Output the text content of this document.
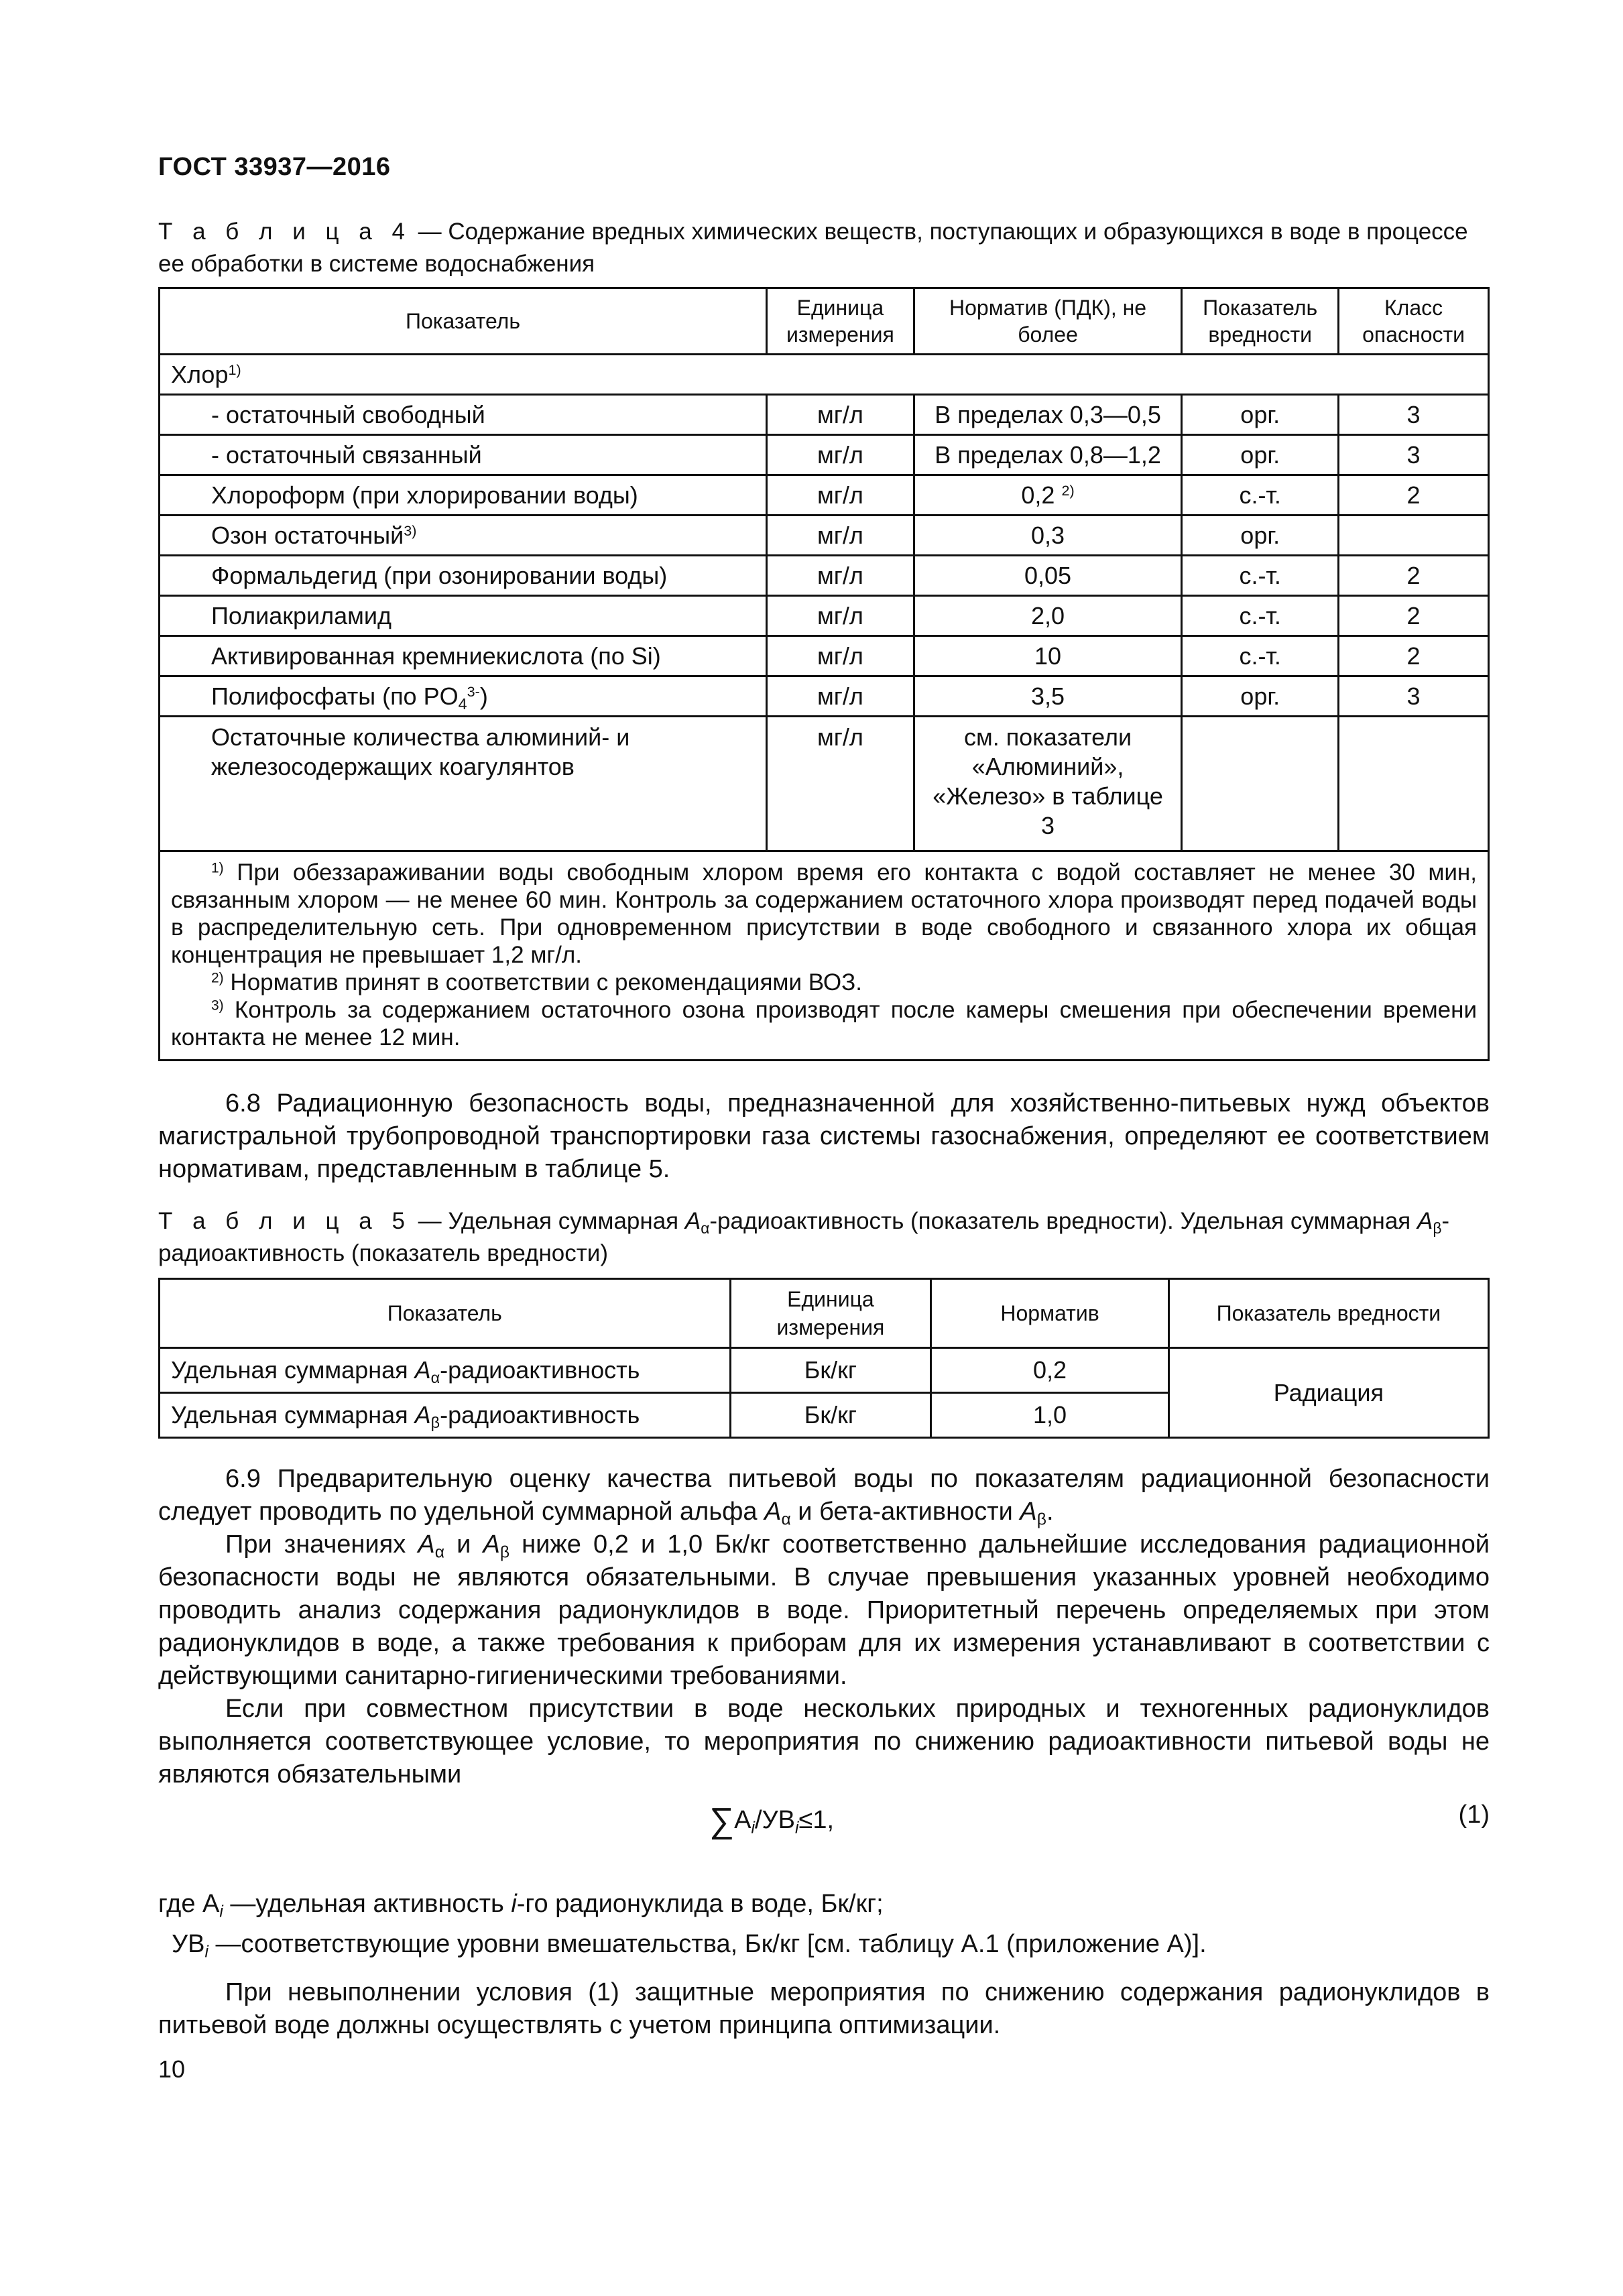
ГОСТ 33937—2016
Т а б л и ц а 4 — Содержание вредных химических веществ, поступающих и образующихся в воде в процессе ее обработки в системе водоснабжения
Показатель	Единица измерения	Норматив (ПДК), не более	Показатель вредности	Класс опасности
Хлор$^{1)}$
- остаточный свободный	мг/л	В пределах 0,3—0,5	орг.	3
- остаточный связанный	мг/л	В пределах 0,8—1,2	орг.	3
Хлороформ (при хлорировании воды)	мг/л	0,2 $^{2)}$	с.-т.	2
Озон остаточный$^{3)}$	мг/л	0,3	орг.	
Формальдегид (при озонировании воды)	мг/л	0,05	с.-т.	2
Полиакриламид	мг/л	2,0	с.-т.	2
Активированная кремниекислота (по Si)	мг/л	10	с.-т.	2
Полифосфаты (по $PO_4^{3-}$)	мг/л	3,5	орг.	3
Остаточные количества алюминий- и железосодержащих коагулянтов	мг/л	см. показатели «Алюминий», «Железо» в таблице 3		

$^{1)}$ При обеззараживании воды свободным хлором время его контакта с водой составляет не менее 30 мин, связанным хлором — не менее 60 мин. Контроль за содержанием остаточного хлора производят перед подачей воды в распределительную сеть. При одновременном присутствии в воде свободного и связанного хлора их общая концентрация не превышает 1,2 мг/л.

$^{2)}$ Норматив принят в соответствии с рекомендациями ВОЗ.

$^{3)}$ Контроль за содержанием остаточного озона производят после камеры смешения при обеспечении времени контакта не менее 12 мин.				

6.8 Радиационную безопасность воды, предназначенной для хозяйственно-питьевых нужд объектов магистральной трубопроводной транспортировки газа системы газоснабжения, определяют ее соответствием нормативам, представленным в таблице 5.

Т а б л и ц а 5 — Удельная суммарная $A_\alpha$-радиоактивность (показатель вредности). Удельная суммарная $A_\beta$-радиоактивность (показатель вредности)
Показатель	Единица измерения	Норматив	Показатель вредности
Удельная суммарная $A_\alpha$-радиоактивность	Бк/кг	0,2	Радиация
Удельная суммарная $A_\beta$-радиоактивность	Бк/кг	1,0	

6.9 Предварительную оценку качества питьевой воды по показателям радиационной безопасности следует проводить по удельной суммарной альфа $A_\alpha$ и бета-активности $A_\beta$.

При значениях $A_\alpha$ и $A_\beta$ ниже 0,2 и 1,0 Бк/кг соответственно дальнейшие исследования радиационной безопасности воды не являются обязательными. В случае превышения указанных уровней необходимо проводить анализ содержания радионуклидов в воде. Приоритетный перечень определяемых при этом радионуклидов в воде, а также требования к приборам для их измерения устанавливают в соответствии с действующими санитарно-гигиеническими требованиями.

Если при совместном присутствии в воде нескольких природных и техногенных радионуклидов выполняется соответствующее условие, то мероприятия по снижению радиоактивности питьевой воды не являются обязательными

$\sum A_i/УВ_i\le 1$,	(1)

где $A_i$ —удельная активность i-го радионуклида в воде, Бк/кг;

$УВ_i$ —соответствующие уровни вмешательства, Бк/кг [см. таблицу А.1 (приложение А)].

При невыполнении условия (1) защитные мероприятия по снижению содержания радионуклидов в питьевой воде должны осуществлять с учетом принципа оптимизации.

10
